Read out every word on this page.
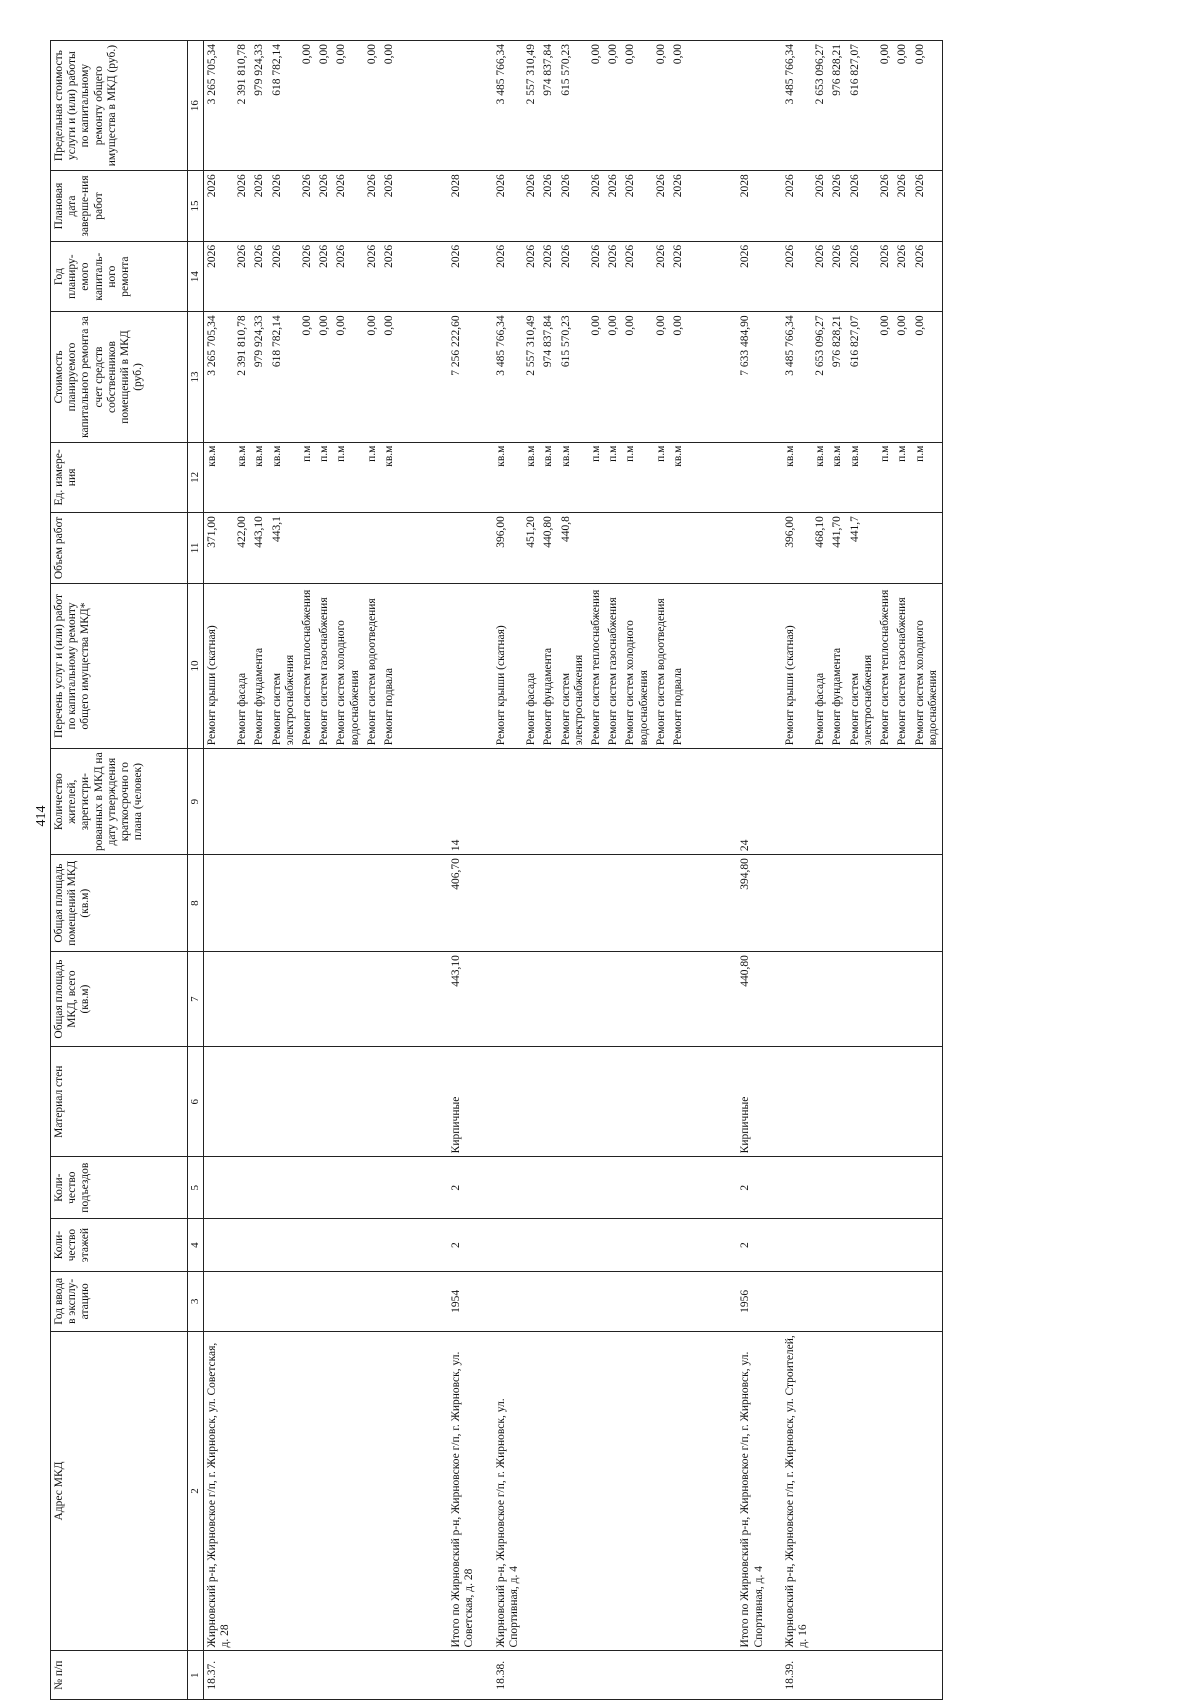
414
№ п/п	Адрес МКД	Год ввода в эксплу-атацию	Коли-чество этажей	Коли-чество подъездов	Материал стен	Общая площадь МКД, всего (кв.м)	Общая площадь помещений МКД (кв.м)	Количество жителей, зарегистри-рованных в МКД на дату утверждения краткосрочно го плана (человек)	Перечень услуг и (или) работ по капитальному ремонту общего имущества МКД*	Объем работ	Ед. измере-ния	Стоимость планируемого капитального ремонта за счет средств собственников помещений в МКД (руб.)	Год планиру-емого капиталь-ного ремонта	Плановая дата заверше-ния работ	Предельная стоимость услуги и (или) работы по капитальному ремонту общего имущества в МКД (руб.)
1	2	3	4	5	6	7	8	9	10	11	12	13	14	15	16
18.37.	Жирновский р-н, Жирновское г/п, г. Жирновск, ул. Советская, д. 28								Ремонт крыши (скатная)	371,00	кв.м	3 265 705,34	2026	2026	3 265 705,34
									Ремонт фасада	422,00	кв.м	2 391 810,78	2026	2026	2 391 810,78
									Ремонт фундамента	443,10	кв.м	979 924,33	2026	2026	979 924,33
									Ремонт систем электроснабжения	443,1	кв.м	618 782,14	2026	2026	618 782,14
									Ремонт систем теплоснабжения		п.м	0,00	2026	2026	0,00
									Ремонт систем газоснабжения		п.м	0,00	2026	2026	0,00
									Ремонт систем холодного водоснабжения		п.м	0,00	2026	2026	0,00
									Ремонт систем водоотведения		п.м	0,00	2026	2026	0,00
									Ремонт подвала		кв.м	0,00	2026	2026	0,00

	Итого по Жирновский р-н, Жирновское г/п, г. Жирновск, ул. Советская, д. 28	1954	2	2	Кирпичные	443,10	406,70	14				7 256 222,60	2026	2028	

18.38.	Жирновский р-н, Жирновское г/п, г. Жирновск, ул. Спортивная, д. 4								Ремонт крыши (скатная)	396,00	кв.м	3 485 766,34	2026	2026	3 485 766,34
									Ремонт фасада	451,20	кв.м	2 557 310,49	2026	2026	2 557 310,49
									Ремонт фундамента	440,80	кв.м	974 837,84	2026	2026	974 837,84
									Ремонт систем электроснабжения	440,8	кв.м	615 570,23	2026	2026	615 570,23
									Ремонт систем теплоснабжения		п.м	0,00	2026	2026	0,00
									Ремонт систем газоснабжения		п.м	0,00	2026	2026	0,00
									Ремонт систем холодного водоснабжения		п.м	0,00	2026	2026	0,00
									Ремонт систем водоотведения		п.м	0,00	2026	2026	0,00
									Ремонт подвала		кв.м	0,00	2026	2026	0,00

	Итого по Жирновский р-н, Жирновское г/п, г. Жирновск, ул. Спортивная, д. 4	1956	2	2	Кирпичные	440,80	394,80	24				7 633 484,90	2026	2028	

18.39.	Жирновский р-н, Жирновское г/п, г. Жирновск, ул. Строителей, д. 16								Ремонт крыши (скатная)	396,00	кв.м	3 485 766,34	2026	2026	3 485 766,34
									Ремонт фасада	468,10	кв.м	2 653 096,27	2026	2026	2 653 096,27
									Ремонт фундамента	441,70	кв.м	976 828,21	2026	2026	976 828,21
									Ремонт систем электроснабжения	441,7	кв.м	616 827,07	2026	2026	616 827,07
									Ремонт систем теплоснабжения		п.м	0,00	2026	2026	0,00
									Ремонт систем газоснабжения		п.м	0,00	2026	2026	0,00
									Ремонт систем холодного водоснабжения		п.м	0,00	2026	2026	0,00
